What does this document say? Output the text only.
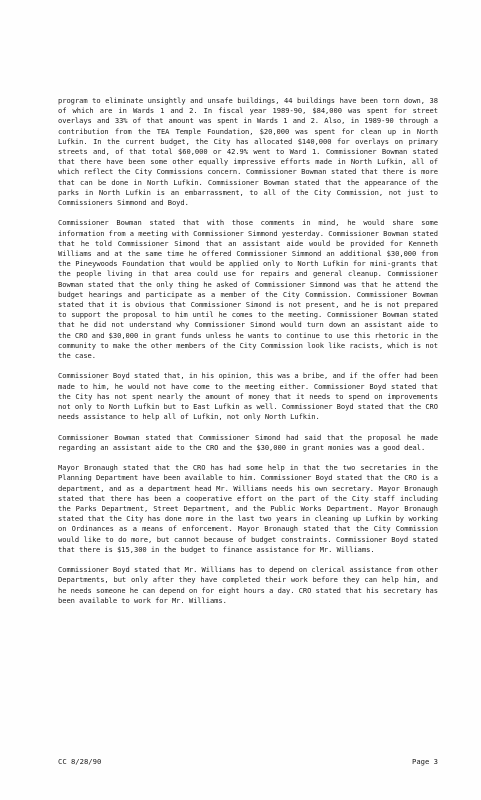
program to eliminate unsightly and unsafe buildings, 44 buildings have been torn down, 38 of which are in Wards 1 and 2. In fiscal year 1989-90, $84,000 was spent for street overlays and 33% of that amount was spent in Wards 1 and 2. Also, in 1989-90 through a contribution from the TEA Temple Foundation, $20,000 was spent for clean up in North Lufkin. In the current budget, the City has allocated $140,000 for overlays on primary streets and, of that total $60,000 or 42.9% went to Ward 1. Commissioner Bowman stated that there have been some other equally impressive efforts made in North Lufkin, all of which reflect the City Commissions concern. Commissioner Bowman stated that there is more that can be done in North Lufkin. Commissioner Bowman stated that the appearance of the parks in North Lufkin is an embarrassment, to all of the City Commission, not just to Commissioners Simmond and Boyd.

Commissioner Bowman stated that with those comments in mind, he would share some information from a meeting with Commissioner Simmond yesterday. Commissioner Bowman stated that he told Commissioner Simond that an assistant aide would be provided for Kenneth Williams and at the same time he offered Commissioner Simmond an additional $30,000 from the Pineywoods Foundation that would be applied only to North Lufkin for mini-grants that the people living in that area could use for repairs and general cleanup. Commissioner Bowman stated that the only thing he asked of Commissioner Simmond was that he attend the budget hearings and participate as a member of the City Commission. Commissioner Bowman stated that it is obvious that Commissioner Simond is not present, and he is not prepared to support the proposal to him until he comes to the meeting. Commissioner Bowman stated that he did not understand why Commissioner Simond would turn down an assistant aide to the CRO and $30,000 in grant funds unless he wants to continue to use this rhetoric in the community to make the other members of the City Commission look like racists, which is not the case.

Commissioner Boyd stated that, in his opinion, this was a bribe, and if the offer had been made to him, he would not have come to the meeting either. Commissioner Boyd stated that the City has not spent nearly the amount of money that it needs to spend on improvements not only to North Lufkin but to East Lufkin as well. Commissioner Boyd stated that the CRO needs assistance to help all of Lufkin, not only North Lufkin.

Commissioner Bowman stated that Commissioner Simond had said that the proposal he made regarding an assistant aide to the CRO and the $30,000 in grant monies was a good deal.

Mayor Bronaugh stated that the CRO has had some help in that the two secretaries in the Planning Department have been available to him. Commissioner Boyd stated that the CRO is a department, and as a department head Mr. Williams needs his own secretary. Mayor Bronaugh stated that there has been a cooperative effort on the part of the City staff including the Parks Department, Street Department, and the Public Works Department. Mayor Bronaugh stated that the City has done more in the last two years in cleaning up Lufkin by working on Ordinances as a means of enforcement. Mayor Bronaugh stated that the City Commission would like to do more, but cannot because of budget constraints. Commissioner Boyd stated that there is $15,300 in the budget to finance assistance for Mr. Williams.

Commissioner Boyd stated that Mr. Williams has to depend on clerical assistance from other Departments, but only after they have completed their work before they can help him, and he needs someone he can depend on for eight hours a day. CRO stated that his secretary has been available to work for Mr. Williams.

CC 8/28/90	Page 3
